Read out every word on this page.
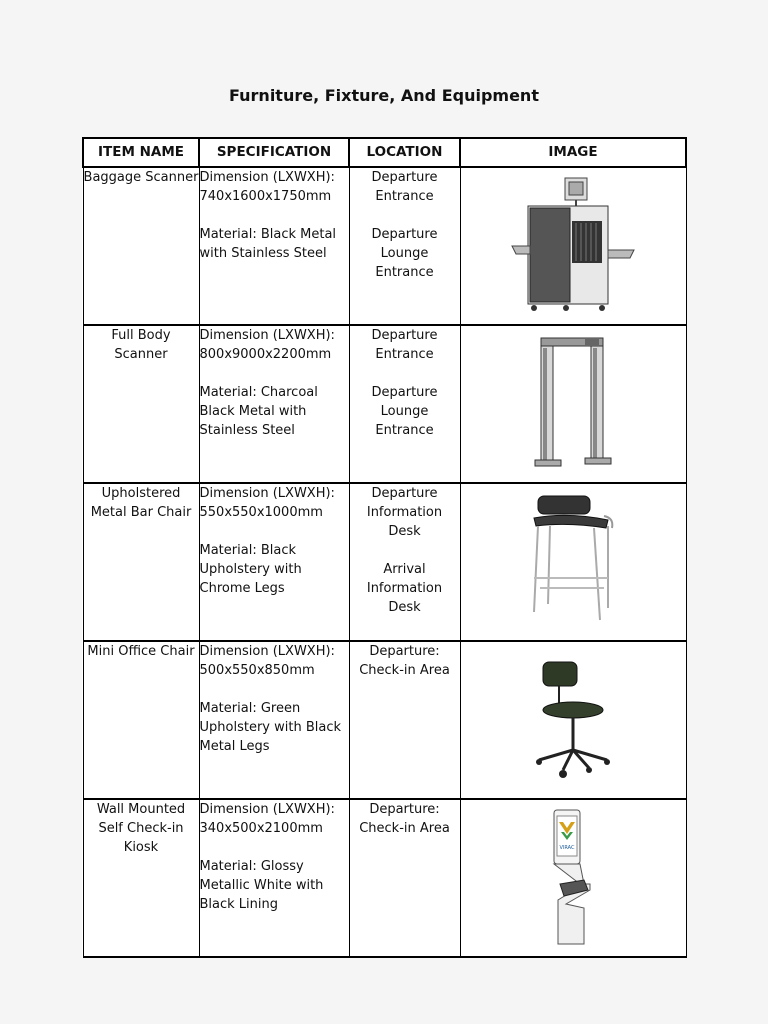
Furniture, Fixture, And Equipment
ITEM NAME	SPECIFICATION	LOCATION	IMAGE
Baggage Scanner	Dimension (LXWXH): 740x1600x1750mm
Material: Black Metal with Stainless Steel	Departure Entrance
Departure Lounge Entrance

Full Body Scanner	Dimension (LXWXH): 800x9000x2200mm
Material: Charcoal Black Metal with Stainless Steel	Departure Entrance
Departure Lounge Entrance

Upholstered Metal Bar Chair	Dimension (LXWXH): 550x550x1000mm
Material: Black Upholstery with Chrome Legs	Departure Information Desk
Arrival Information Desk

Mini Office Chair	Dimension (LXWXH): 500x550x850mm
Material: Green Upholstery with Black Metal Legs	Departure: Check-in Area

Wall Mounted Self Check-in Kiosk	Dimension (LXWXH): 340x500x2100mm
Material: Glossy Metallic White with Black Lining	Departure: Check-in Area	VIRAC
